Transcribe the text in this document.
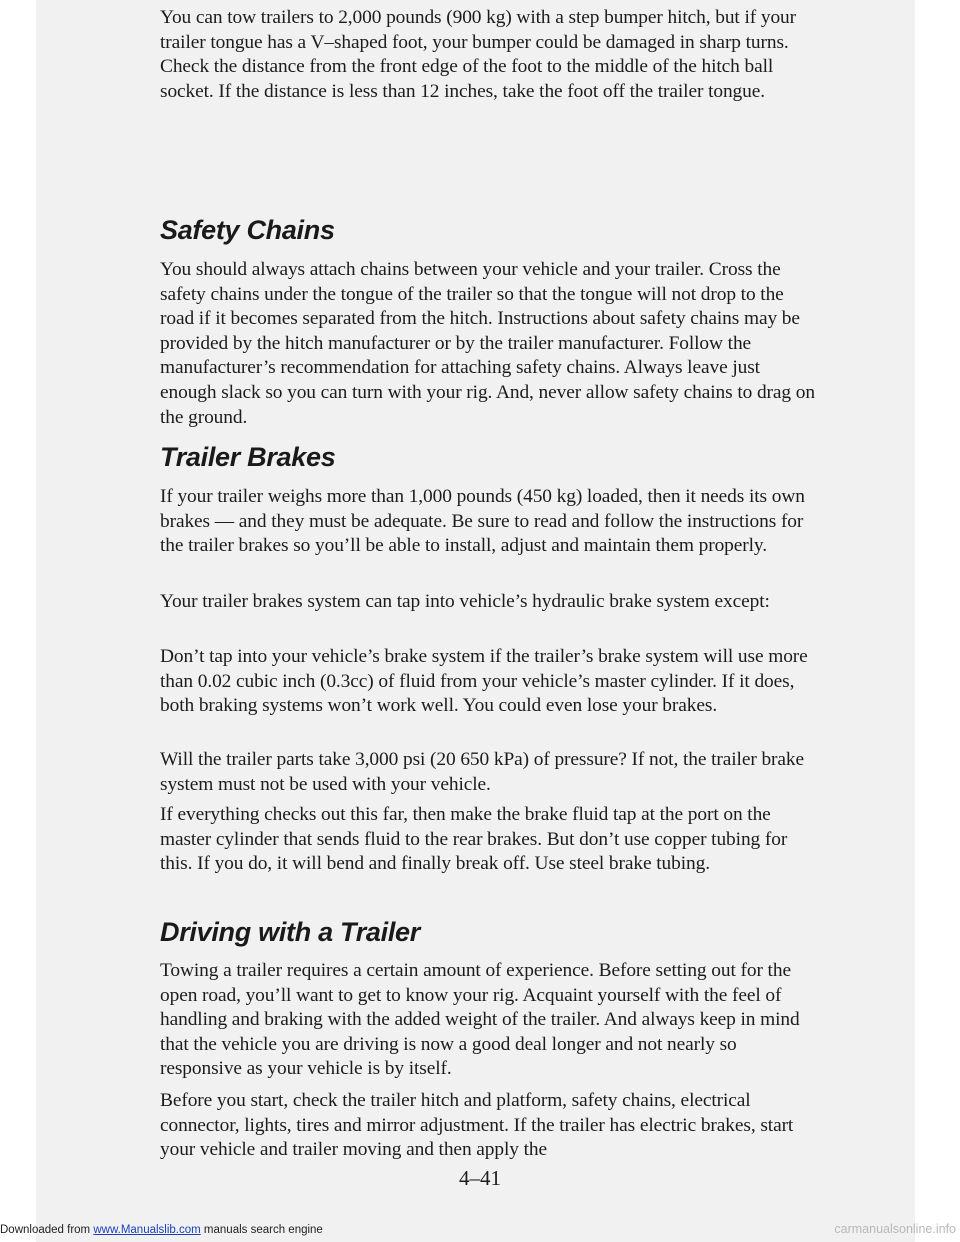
You can tow trailers to 2,000 pounds (900 kg) with a step bumper hitch, but if your trailer tongue has a V–shaped foot, your bumper could be damaged in sharp turns. Check the distance from the front edge of the foot to the middle of the hitch ball socket. If the distance is less than 12 inches, take the foot off the trailer tongue.

Safety Chains

You should always attach chains between your vehicle and your trailer. Cross the safety chains under the tongue of the trailer so that the tongue will not drop to the road if it becomes separated from the hitch. Instructions about safety chains may be provided by the hitch manufacturer or by the trailer manufacturer. Follow the manufacturer’s recommendation for attaching safety chains. Always leave just enough slack so you can turn with your rig. And, never allow safety chains to drag on the ground.

Trailer Brakes

If your trailer weighs more than 1,000 pounds (450 kg) loaded, then it needs its own brakes — and they must be adequate. Be sure to read and follow the instructions for the trailer brakes so you’ll be able to install, adjust and maintain them properly.

Your trailer brakes system can tap into vehicle’s hydraulic brake system except:

Don’t tap into your vehicle’s brake system if the trailer’s brake system will use more than 0.02 cubic inch (0.3cc) of fluid from your vehicle’s master cylinder. If it does, both braking systems won’t work well. You could even lose your brakes.

Will the trailer parts take 3,000 psi (20 650 kPa) of pressure? If not, the trailer brake system must not be used with your vehicle.

If everything checks out this far, then make the brake fluid tap at the port on the master cylinder that sends fluid to the rear brakes. But don’t use copper tubing for this. If you do, it will bend and finally break off. Use steel brake tubing.

Driving with a Trailer

Towing a trailer requires a certain amount of experience. Before setting out for the open road, you’ll want to get to know your rig. Acquaint yourself with the feel of handling and braking with the added weight of the trailer. And always keep in mind that the vehicle you are driving is now a good deal longer and not nearly so responsive as your vehicle is by itself.

Before you start, check the trailer hitch and platform, safety chains, electrical connector, lights, tires and mirror adjustment. If the trailer has electric brakes, start your vehicle and trailer moving and then apply the

4–41
Downloaded from www.Manualslib.com manuals search engine	carmanualsonline.info
